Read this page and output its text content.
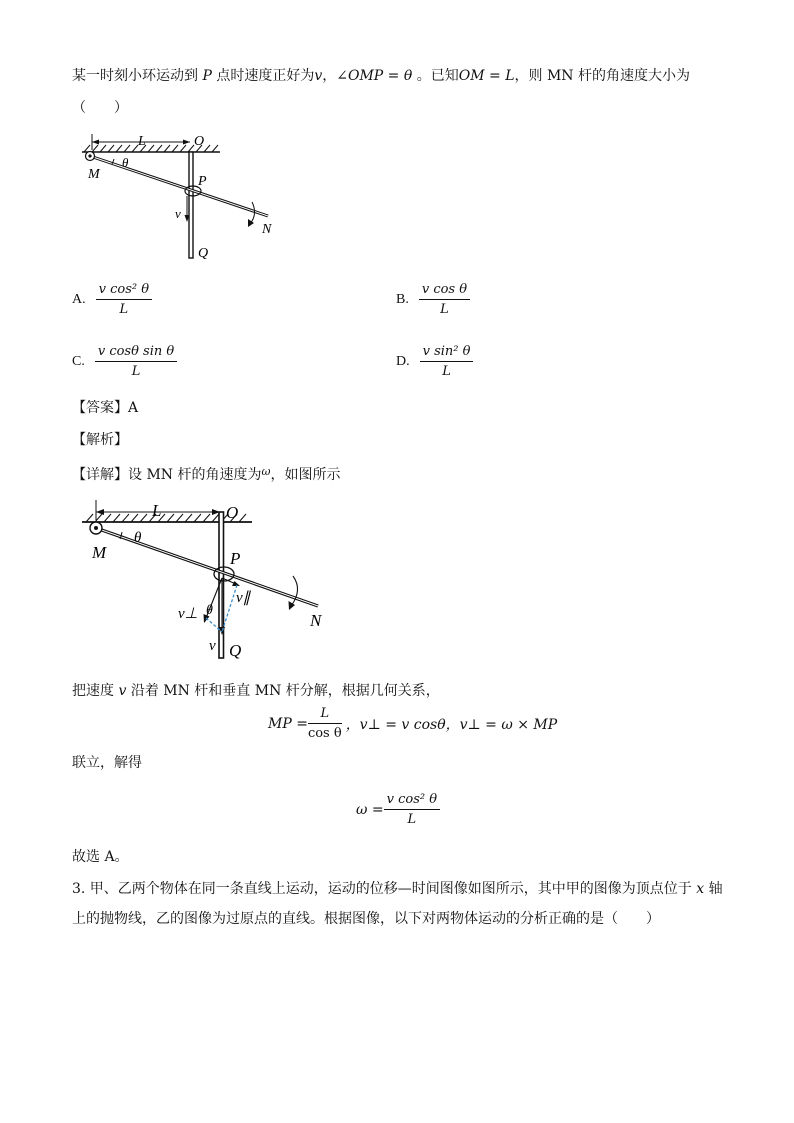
某一时刻小环运动到 P 点时速度正好为v，∠OMP = θ 。已知OM = L，则 MN 杆的角速度大小为
（　　）
L	O
θ
M	P
v
N
Q
A. $\frac{\text{v cos² θ}}{L}$	B. $\frac{\text{v cos θ}}{L}$
C. $\frac{\text{v cosθ sin θ}}{L}$	D. $\frac{\text{v sin² θ}}{L}$
【答案】A
【解析】
【详解】设 MN 杆的角速度为$^\omega$，如图所示
L	O
θ
M	P
θ
v⊥
v∥
v Q
N
把速度 v 沿着 MN 杆和垂直 MN 杆分解，根据几何关系，
MP = $\frac{L}{\text{cos θ}}$ ，v⊥ = v cosθ，v⊥ = ω × MP
联立，解得
$\omega = \frac{\text{v cos² θ}}{L}$
故选 A。
3. 甲、乙两个物体在同一条直线上运动，运动的位移—时间图像如图所示，其中甲的图像为顶点位于 x 轴
上的抛物线，乙的图像为过原点的直线。根据图像，以下对两物体运动的分析正确的是（　　）
